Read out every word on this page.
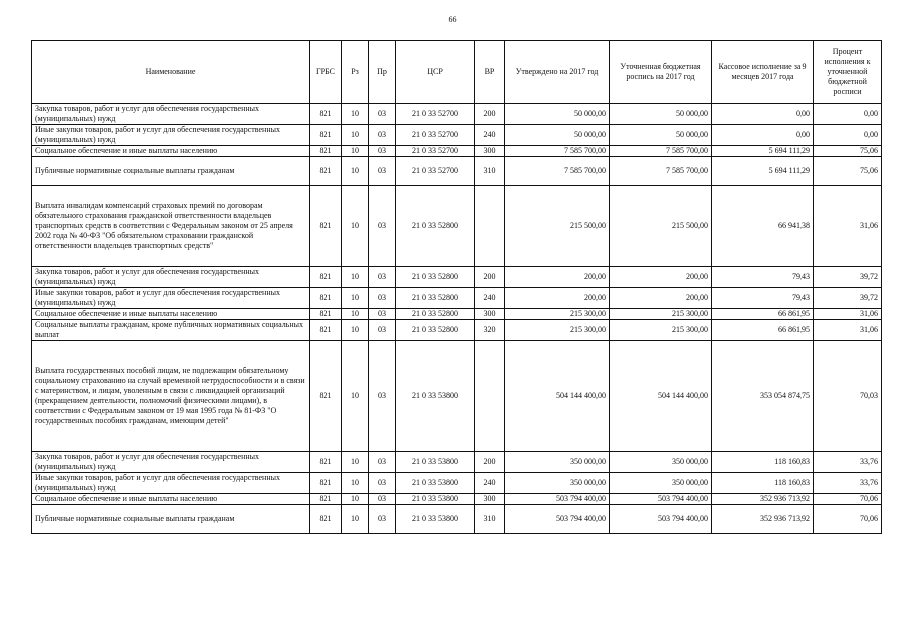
66
Наименование	ГРБС	Рз	Пр	ЦСР	ВР	Утверждено на 2017 год	Уточненная бюджетная роспись на 2017 год	Кассовое исполнение за 9 месяцев 2017 года	Процент исполнения к уточненной бюджетной росписи
Закупка товаров, работ и услуг для обеспечения государственных (муниципальных) нужд	821	10	03	21 0 33 52700	200	50 000,00	50 000,00	0,00	0,00
Иные закупки товаров, работ и услуг для обеспечения государственных (муниципальных) нужд	821	10	03	21 0 33 52700	240	50 000,00	50 000,00	0,00	0,00
Социальное обеспечение и иные выплаты населению	821	10	03	21 0 33 52700	300	7 585 700,00	7 585 700,00	5 694 111,29	75,06
Публичные нормативные социальные выплаты гражданам	821	10	03	21 0 33 52700	310	7 585 700,00	7 585 700,00	5 694 111,29	75,06
Выплата инвалидам компенсаций страховых премий по договорам обязательного страхования гражданской ответственности владельцев транспортных средств в соответствии с Федеральным законом от 25 апреля 2002 года № 40-ФЗ "Об обязательном страховании гражданской ответственности владельцев транспортных средств"	821	10	03	21 0 33 52800		215 500,00	215 500,00	66 941,38	31,06
Закупка товаров, работ и услуг для обеспечения государственных (муниципальных) нужд	821	10	03	21 0 33 52800	200	200,00	200,00	79,43	39,72
Иные закупки товаров, работ и услуг для обеспечения государственных (муниципальных) нужд	821	10	03	21 0 33 52800	240	200,00	200,00	79,43	39,72
Социальное обеспечение и иные выплаты населению	821	10	03	21 0 33 52800	300	215 300,00	215 300,00	66 861,95	31,06
Социальные выплаты гражданам, кроме публичных нормативных социальных выплат	821	10	03	21 0 33 52800	320	215 300,00	215 300,00	66 861,95	31,06
Выплата государственных пособий лицам, не подлежащим обязательному социальному страхованию на случай временной нетрудоспособности и в связи с материнством, и лицам, уволенным в связи с ликвидацией организаций (прекращением деятельности, полномочий физическими лицами), в соответствии с Федеральным законом от 19 мая 1995 года № 81-ФЗ "О государственных пособиях гражданам, имеющим детей"	821	10	03	21 0 33 53800		504 144 400,00	504 144 400,00	353 054 874,75	70,03
Закупка товаров, работ и услуг для обеспечения государственных (муниципальных) нужд	821	10	03	21 0 33 53800	200	350 000,00	350 000,00	118 160,83	33,76
Иные закупки товаров, работ и услуг для обеспечения государственных (муниципальных) нужд	821	10	03	21 0 33 53800	240	350 000,00	350 000,00	118 160,83	33,76
Социальное обеспечение и иные выплаты населению	821	10	03	21 0 33 53800	300	503 794 400,00	503 794 400,00	352 936 713,92	70,06
Публичные нормативные социальные выплаты гражданам	821	10	03	21 0 33 53800	310	503 794 400,00	503 794 400,00	352 936 713,92	70,06
